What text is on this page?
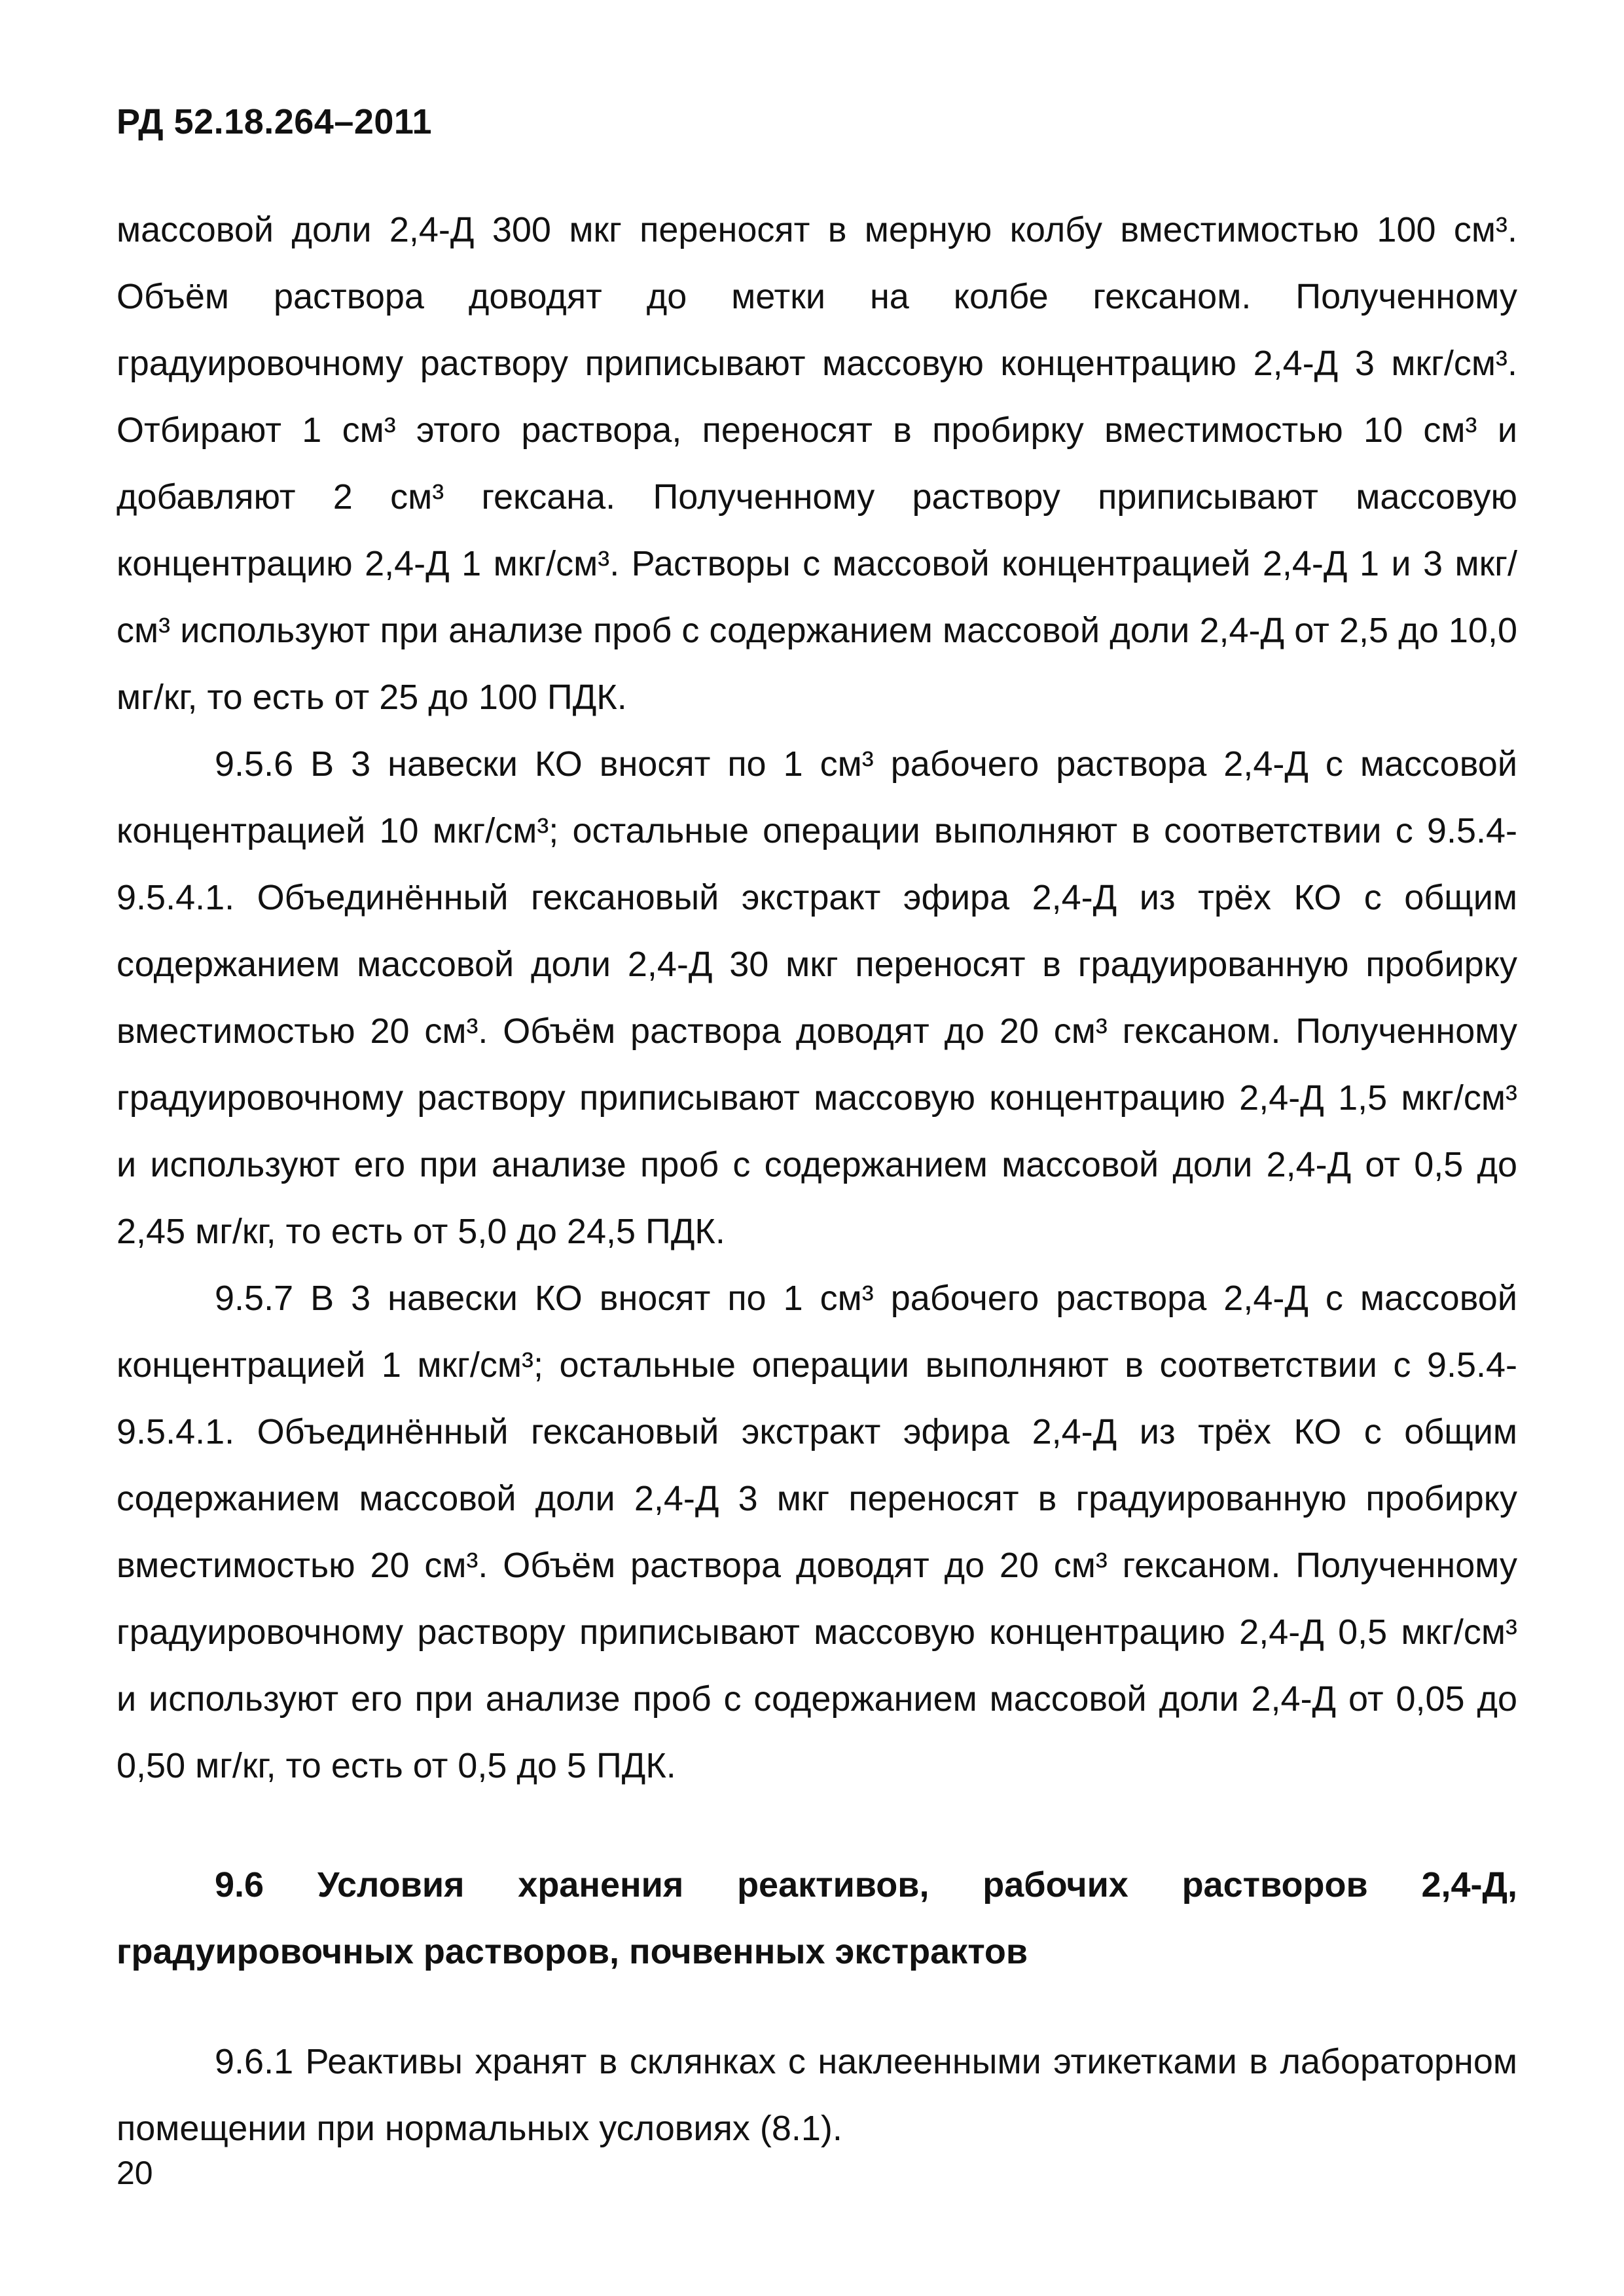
РД 52.18.264–2011

массовой доли 2,4-Д 300 мкг переносят в мерную колбу вместимостью 100 см³. Объём раствора доводят до метки на колбе гексаном. Полученному градуировочному раствору приписывают массовую концентрацию 2,4-Д 3 мкг/см³. Отбирают 1 см³ этого раствора, переносят в пробирку вместимостью 10 см³ и добавляют 2 см³ гексана. Полученному раствору приписывают массовую концентрацию 2,4-Д 1 мкг/см³. Растворы с массовой концентрацией 2,4-Д 1 и 3 мкг/см³ используют при анализе проб с содержанием массовой доли 2,4-Д от 2,5 до 10,0 мг/кг, то есть от 25 до 100 ПДК.

9.5.6 В 3 навески КО вносят по 1 см³ рабочего раствора 2,4-Д с массовой концентрацией 10 мкг/см³; остальные операции выполняют в соответствии с 9.5.4-9.5.4.1. Объединённый гексановый экстракт эфира 2,4-Д из трёх КО с общим содержанием массовой доли 2,4-Д 30 мкг переносят в градуированную пробирку вместимостью 20 см³. Объём раствора доводят до 20 см³ гексаном. Полученному градуировочному раствору приписывают массовую концентрацию 2,4-Д 1,5 мкг/см³ и используют его при анализе проб с содержанием массовой доли 2,4-Д от 0,5 до 2,45 мг/кг, то есть от 5,0 до 24,5 ПДК.

9.5.7 В 3 навески КО вносят по 1 см³ рабочего раствора 2,4-Д с массовой концентрацией 1 мкг/см³; остальные операции выполняют в соответствии с 9.5.4-9.5.4.1. Объединённый гексановый экстракт эфира 2,4-Д из трёх КО с общим содержанием массовой доли 2,4-Д 3 мкг переносят в градуированную пробирку вместимостью 20 см³. Объём раствора доводят до 20 см³ гексаном. Полученному градуировочному раствору приписывают массовую концентрацию 2,4-Д 0,5 мкг/см³ и используют его при анализе проб с содержанием массовой доли 2,4-Д от 0,05 до 0,50 мг/кг, то есть от 0,5 до 5 ПДК.

9.6 Условия хранения реактивов, рабочих растворов 2,4-Д, градуировочных растворов, почвенных экстрактов

9.6.1 Реактивы хранят в склянках с наклеенными этикетками в лабораторном помещении при нормальных условиях (8.1).

20
